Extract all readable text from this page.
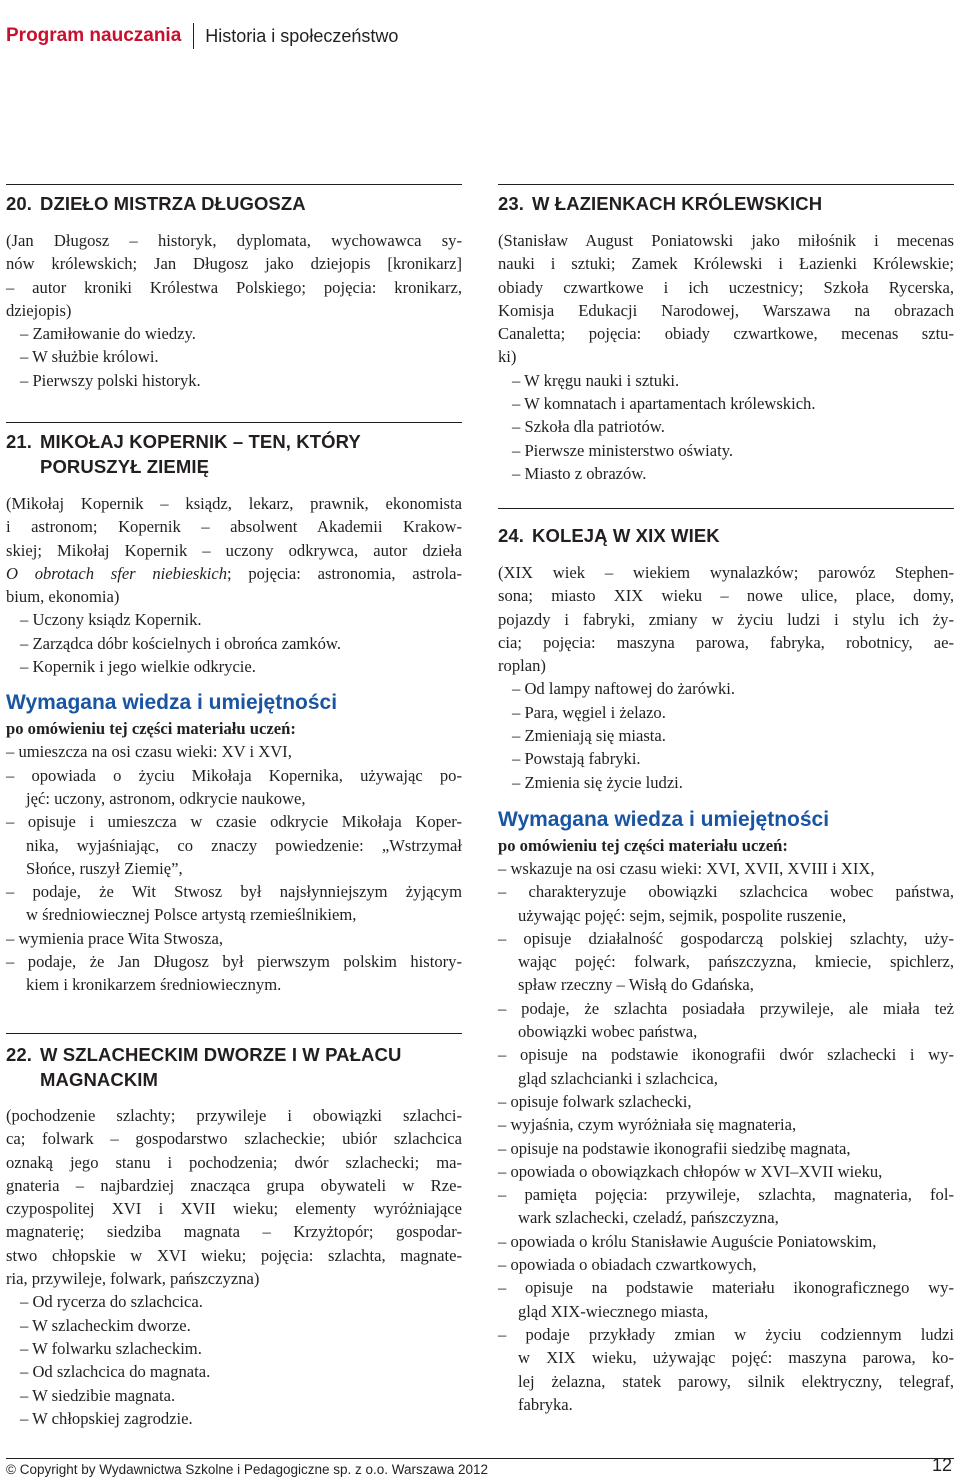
Program nauczania Historia i społeczeństwo
20. DZIEŁO MISTRZA DŁUGOSZA
(Jan Długosz – historyk, dyplomata, wychowawca sy-
nów królewskich; Jan Długosz jako dziejopis [kronikarz]
– autor kroniki Królestwa Polskiego; pojęcia: kronikarz,
dziejopis)
– Zamiłowanie do wiedzy.
– W służbie królowi.
– Pierwszy polski historyk.
21. MIKOŁAJ KOPERNIK – TEN, KTÓRY
PORUSZYŁ ZIEMIĘ
(Mikołaj Kopernik – ksiądz, lekarz, prawnik, ekonomista
i astronom; Kopernik – absolwent Akademii Krakow-
skiej; Mikołaj Kopernik – uczony odkrywca, autor dzieła
O obrotach sfer niebieskich; pojęcia: astronomia, astrola-
bium, ekonomia)
– Uczony ksiądz Kopernik.
– Zarządca dóbr kościelnych i obrońca zamków.
– Kopernik i jego wielkie odkrycie.
Wymagana wiedza i umiejętności
po omówieniu tej części materiału uczeń:
– umieszcza na osi czasu wieki: XV i XVI,
– opowiada o życiu Mikołaja Kopernika, używając po-
jęć: uczony, astronom, odkrycie naukowe,
– opisuje i umieszcza w czasie odkrycie Mikołaja Koper-
nika, wyjaśniając, co znaczy powiedzenie: „Wstrzymał
Słońce, ruszył Ziemię”,
– podaje, że Wit Stwosz był najsłynniejszym żyjącym
w średniowiecznej Polsce artystą rzemieślnikiem,
– wymienia prace Wita Stwosza,
– podaje, że Jan Długosz był pierwszym polskim history-
kiem i kronikarzem średniowiecznym.
22. W SZLACHECKIM DWORZE I W PAŁACU
MAGNACKIM
(pochodzenie szlachty; przywileje i obowiązki szlachci-
ca; folwark – gospodarstwo szlacheckie; ubiór szlachcica
oznaką jego stanu i pochodzenia; dwór szlachecki; ma-
gnateria – najbardziej znacząca grupa obywateli w Rze-
czypospolitej XVI i XVII wieku; elementy wyróżniające
magnaterię; siedziba magnata – Krzyżtopór; gospodar-
stwo chłopskie w XVI wieku; pojęcia: szlachta, magnate-
ria, przywileje, folwark, pańszczyzna)
– Od rycerza do szlachcica.
– W szlacheckim dworze.
– W folwarku szlacheckim.
– Od szlachcica do magnata.
– W siedzibie magnata.
– W chłopskiej zagrodzie.
23. W ŁAZIENKACH KRÓLEWSKICH
(Stanisław August Poniatowski jako miłośnik i mecenas
nauki i sztuki; Zamek Królewski i Łazienki Królewskie;
obiady czwartkowe i ich uczestnicy; Szkoła Rycerska,
Komisja Edukacji Narodowej, Warszawa na obrazach
Canaletta; pojęcia: obiady czwartkowe, mecenas sztu-
ki)
– W kręgu nauki i sztuki.
– W komnatach i apartamentach królewskich.
– Szkoła dla patriotów.
– Pierwsze ministerstwo oświaty.
– Miasto z obrazów.
24. KOLEJĄ W XIX WIEK
(XIX wiek – wiekiem wynalazków; parowóz Stephen-
sona; miasto XIX wieku – nowe ulice, place, domy,
pojazdy i fabryki, zmiany w życiu ludzi i stylu ich ży-
cia; pojęcia: maszyna parowa, fabryka, robotnicy, ae-
roplan)
– Od lampy naftowej do żarówki.
– Para, węgiel i żelazo.
– Zmieniają się miasta.
– Powstają fabryki.
– Zmienia się życie ludzi.
Wymagana wiedza i umiejętności
po omówieniu tej części materiału uczeń:
– wskazuje na osi czasu wieki: XVI, XVII, XVIII i XIX,
– charakteryzuje obowiązki szlachcica wobec państwa,
używając pojęć: sejm, sejmik, pospolite ruszenie,
– opisuje działalność gospodarczą polskiej szlachty, uży-
wając pojęć: folwark, pańszczyzna, kmiecie, spichlerz,
spław rzeczny – Wisłą do Gdańska,
– podaje, że szlachta posiadała przywileje, ale miała też
obowiązki wobec państwa,
– opisuje na podstawie ikonografii dwór szlachecki i wy-
gląd szlachcianki i szlachcica,
– opisuje folwark szlachecki,
– wyjaśnia, czym wyróżniała się magnateria,
– opisuje na podstawie ikonografii siedzibę magnata,
– opowiada o obowiązkach chłopów w XVI–XVII wieku,
– pamięta pojęcia: przywileje, szlachta, magnateria, fol-
wark szlachecki, czeladź, pańszczyzna,
– opowiada o królu Stanisławie Auguście Poniatowskim,
– opowiada o obiadach czwartkowych,
– opisuje na podstawie materiału ikonograficznego wy-
gląd XIX-wiecznego miasta,
– podaje przykłady zmian w życiu codziennym ludzi
w XIX wieku, używając pojęć: maszyna parowa, ko-
lej żelazna, statek parowy, silnik elektryczny, telegraf,
fabryka.
© Copyright by Wydawnictwa Szkolne i Pedagogiczne sp. z o.o. Warszawa 2012	12
